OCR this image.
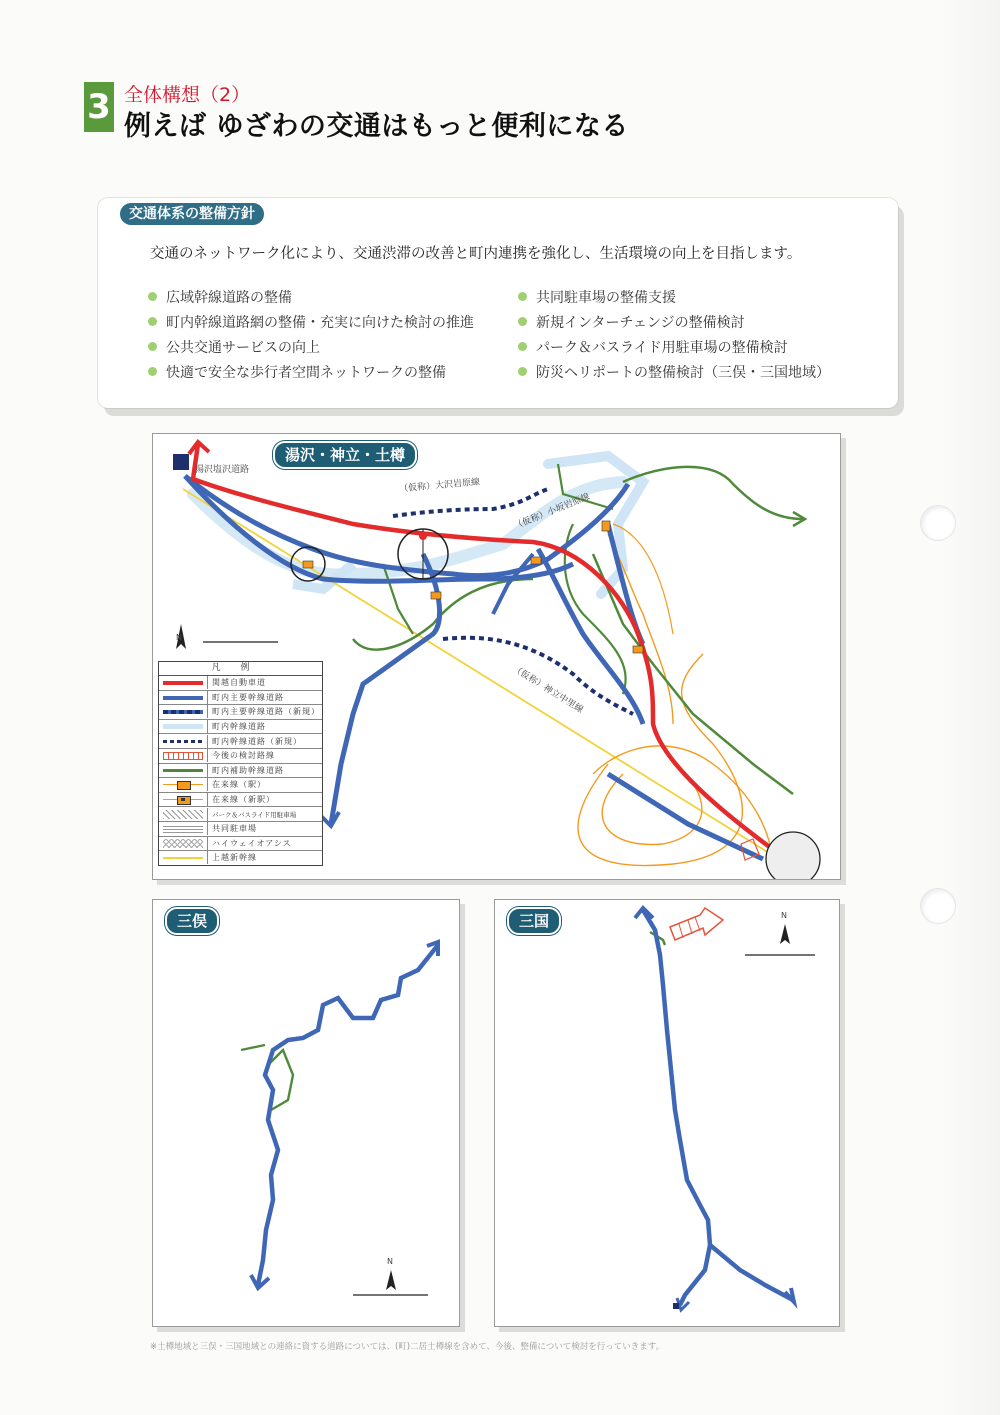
3 全体構想（2）
例えば ゆざわの交通はもっと便利になる
交通体系の整備方針
交通のネットワーク化により、交通渋滞の改善と町内連携を強化し、生活環境の向上を目指します。
広域幹線道路の整備
町内幹線道路網の整備・充実に向けた検討の推進
公共交通サービスの向上
快適で安全な歩行者空間ネットワークの整備
共同駐車場の整備支援
新規インターチェンジの整備検討
パーク＆バスライド用駐車場の整備検討
防災ヘリポートの整備検討（三俣・三国地域）
N
湯沢・神立・土樽
湯沢塩沢道路
（仮称）大沢岩原線
（仮称）小坂岩原線
（仮称）神立中里線
凡例
関越自動車道
町内主要幹線道路
町内主要幹線道路（新規）
町内幹線道路
町内幹線道路（新規）
今後の検討路線
町内補助幹線道路
在来線（駅）
在来線（新駅）
パーク＆バスライド用駐車場
共同駐車場
ハイウェイオアシス
上越新幹線
N
三俣	N
三国
※土樽地域と三俣・三国地域との連絡に資する道路については、(町)二居土樽線を含めて、今後、整備について検討を行っていきます。
